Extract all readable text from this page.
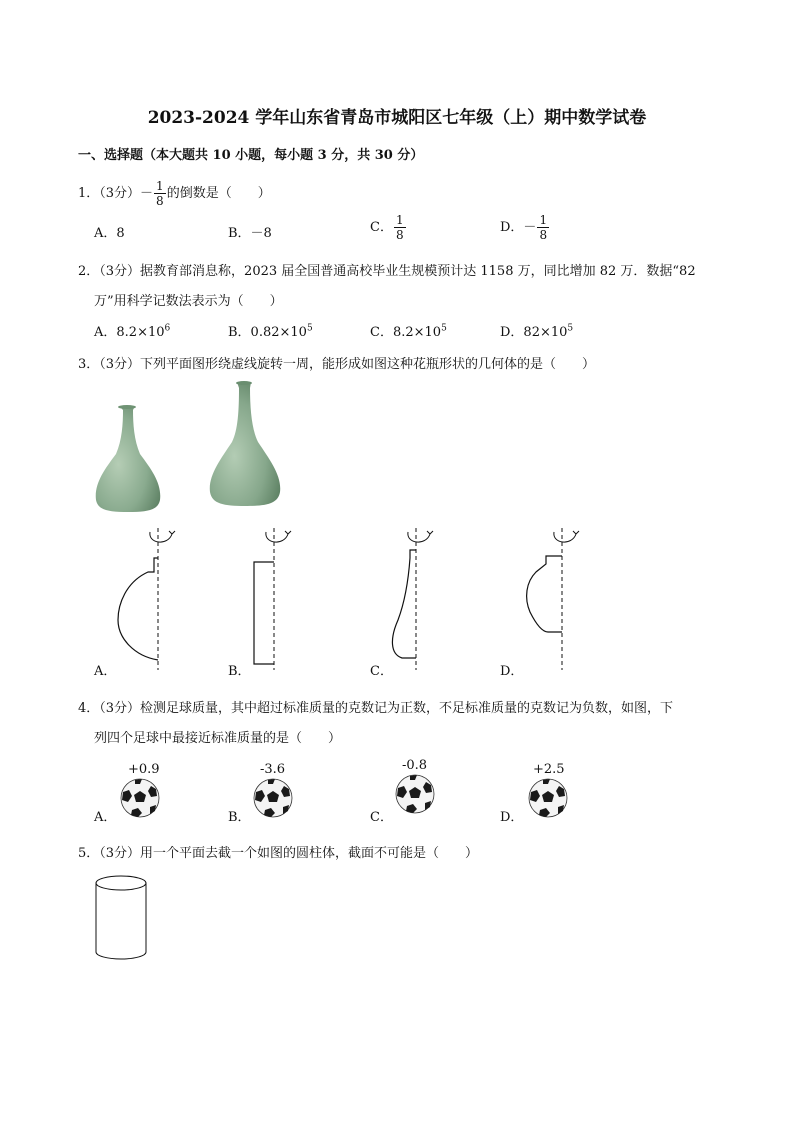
2023-2024 学年山东省青岛市城阳区七年级（上）期中数学试卷
一、选择题（本大题共 10 小题，每小题 3 分，共 30 分）
1．（3分）－ $\frac{1}{8}$ 的倒数是（　　）
A．8	B．－8	C． $\frac{1}{8}$	D．－ $\frac{1}{8}$
2．（3分）据教育部消息称，2023 届全国普通高校毕业生规模预计达 1158 万，同比增加 82 万．数据“82
万”用科学记数法表示为（　　）
A．$8.2\times 10^6$	B．$0.82\times 10^5$	C．$8.2\times 10^5$	D．$82\times 10^5$
3．（3分）下列平面图形绕虚线旋转一周，能形成如图这种花瓶形状的几何体的是（　　）
A．	B．	C．	D．
4．（3分）检测足球质量，其中超过标准质量的克数记为正数，不足标准质量的克数记为负数，如图，下
列四个足球中最接近标准质量的是（　　）
+0.9	-3.6	-0.8	+2.5
A．	B．	C．	D．
5．（3分）用一个平面去截一个如图的圆柱体，截面不可能是（　　）
